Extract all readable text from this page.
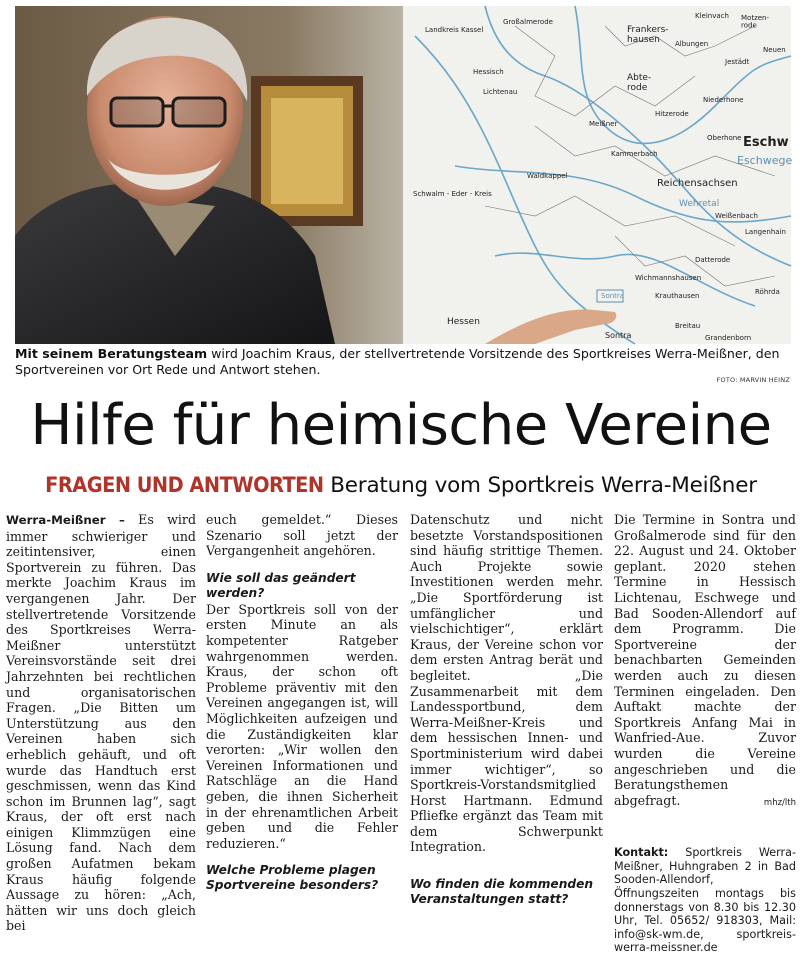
Landkreis Kassel
Großalmerode
Frankers-hausen
Abte-rode
Meißner
Lichtenau
Hessisch
Waldkappel
Reichensachsen
Wehretal
Eschw
Eschwege
Schwalm - Eder - Kreis
Hessen
Sontra
Sontra
Langenhain
Oberhone
Niederhone
Jestädt
Neuen
Motzen-rode
Weißenbach
Röhrda
Datterode
Wichmannshausen
Krauthausen
Breitau
Grandenborn
Kleinvach
Albungen
Hitzerode
Kammerbach
Mit seinem Beratungsteam wird Joachim Kraus, der stellvertretende Vorsitzende des Sportkreises Werra-Meißner, den Sportvereinen vor Ort Rede und Antwort stehen.
FOTO: MARVIN HEINZ
Hilfe für heimische Vereine
FRAGEN UND ANTWORTEN Beratung vom Sportkreis Werra-Meißner

Werra-Meißner – Es wird immer schwieriger und zeitintensiver, einen Sportverein zu führen. Das merkte Joachim Kraus im vergangenen Jahr. Der stellvertretende Vorsitzende des Sportkreises Werra-Meißner unterstützt Vereinsvorstände seit drei Jahrzehnten bei rechtlichen und organisatorischen Fragen. „Die Bitten um Unterstützung aus den Vereinen haben sich erheblich gehäuft, und oft wurde das Handtuch erst geschmissen, wenn das Kind schon im Brunnen lag“, sagt Kraus, der oft erst nach einigen Klimmzügen eine Lösung fand. Nach dem großen Aufatmen bekam Kraus häufig folgende Aussage zu hören: „Ach, hätten wir uns doch gleich bei

euch gemeldet.“ Dieses Szenario soll jetzt der Vergangenheit angehören.

Wie soll das geändert werden?

Der Sportkreis soll von der ersten Minute an als kompetenter Ratgeber wahrgenommen werden. Kraus, der schon oft Probleme präventiv mit den Vereinen angegangen ist, will Möglichkeiten aufzeigen und die Zuständigkeiten klar verorten: „Wir wollen den Vereinen Informationen und Ratschläge an die Hand geben, die ihnen Sicherheit in der ehrenamtlichen Arbeit geben und die Fehler reduzieren.“

Welche Probleme plagen Sportvereine besonders?

Datenschutz und nicht besetzte Vorstandspositionen sind häufig strittige Themen. Auch Projekte sowie Investitionen werden mehr. „Die Sportförderung ist umfänglicher und vielschichtiger“, erklärt Kraus, der Vereine schon vor dem ersten Antrag berät und begleitet. „Die Zusammenarbeit mit dem Landessportbund, dem Werra-Meißner-Kreis und dem hessischen Innen- und Sportministerium wird dabei immer wichtiger“, so Sportkreis-Vorstandsmitglied Horst Hartmann. Edmund Pfliefke ergänzt das Team mit dem Schwerpunkt Integration.

Wo finden die kommenden Veranstaltungen statt?

Die Termine in Sontra und Großalmerode sind für den 22. August und 24. Oktober geplant. 2020 stehen Termine in Hessisch Lichtenau, Eschwege und Bad Sooden-Allendorf auf dem Programm. Die Sportvereine der benachbarten Gemeinden werden auch zu diesen Terminen eingeladen. Den Auftakt machte der Sportkreis Anfang Mai in Wanfried-Aue. Zuvor wurden die Vereine angeschrieben und die Beratungsthemen abgefragt.	mhz/lth

Kontakt: Sportkreis Werra-Meißner, Huhngraben 2 in Bad Sooden-Allendorf, Öffnungszeiten montags bis donnerstags von 8.30 bis 12.30 Uhr, Tel. 05652/ 918303, Mail: info@sk-wm.de, sportkreis-werra-meissner.de
